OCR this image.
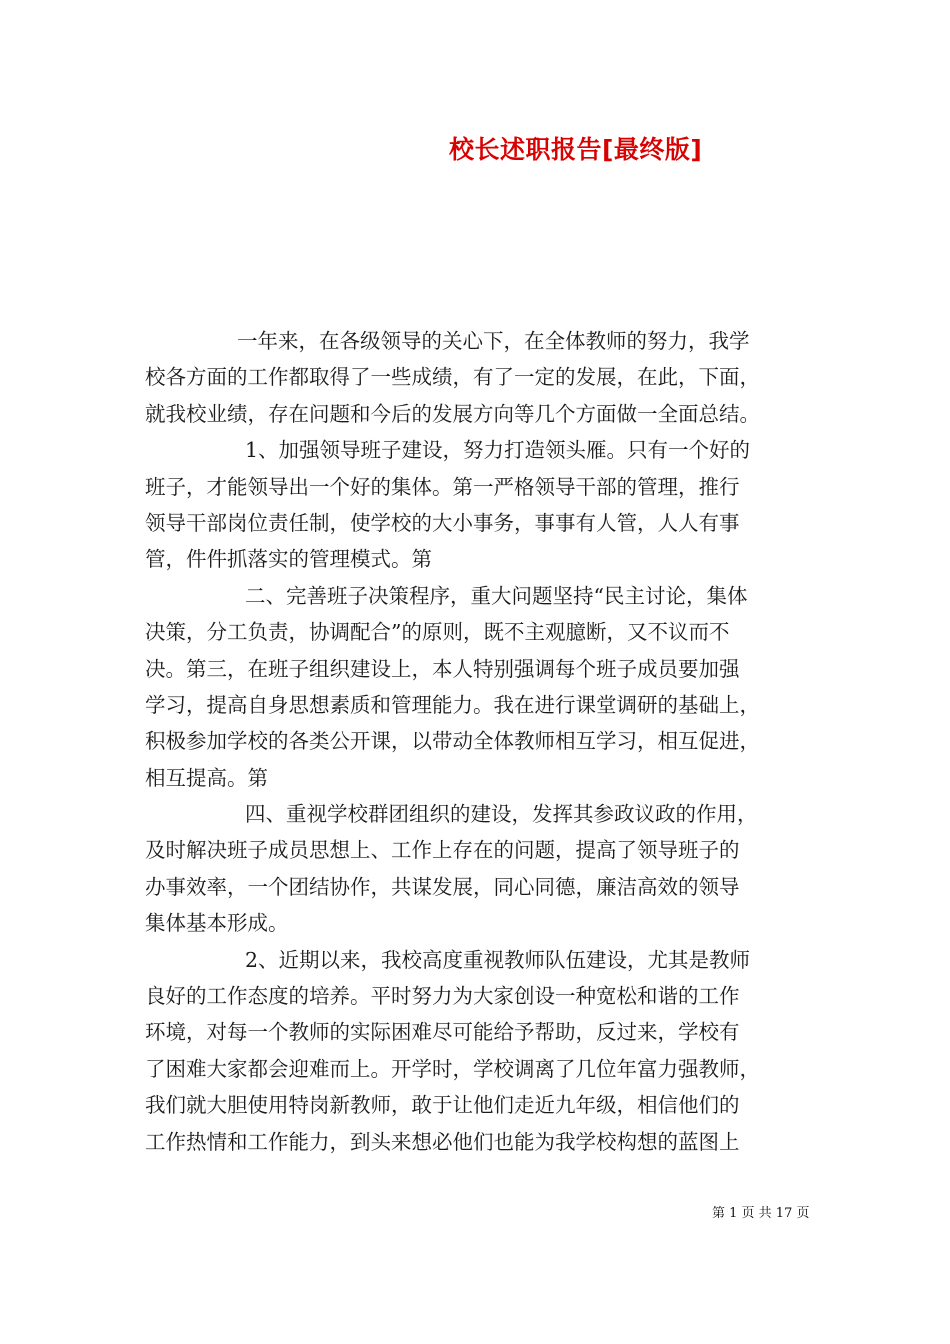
校长述职报告[最终版]
一年来，在各级领导的关心下，在全体教师的努力，我学
校各方面的工作都取得了一些成绩，有了一定的发展，在此，下面，
就我校业绩，存在问题和今后的发展方向等几个方面做一全面总结。
1、加强领导班子建设，努力打造领头雁。只有一个好的
班子，才能领导出一个好的集体。第一严格领导干部的管理，推行
领导干部岗位责任制，使学校的大小事务，事事有人管，人人有事
管，件件抓落实的管理模式。第
二、完善班子决策程序，重大问题坚持“民主讨论，集体
决策，分工负责，协调配合”的原则，既不主观臆断，又不议而不
决。第三，在班子组织建设上，本人特别强调每个班子成员要加强
学习，提高自身思想素质和管理能力。我在进行课堂调研的基础上，
积极参加学校的各类公开课，以带动全体教师相互学习，相互促进，
相互提高。第
四、重视学校群团组织的建设，发挥其参政议政的作用，
及时解决班子成员思想上、工作上存在的问题，提高了领导班子的
办事效率，一个团结协作，共谋发展，同心同德，廉洁高效的领导
集体基本形成。
2、近期以来，我校高度重视教师队伍建设，尤其是教师
良好的工作态度的培养。平时努力为大家创设一种宽松和谐的工作
环境，对每一个教师的实际困难尽可能给予帮助，反过来，学校有
了困难大家都会迎难而上。开学时，学校调离了几位年富力强教师，
我们就大胆使用特岗新教师，敢于让他们走近九年级，相信他们的
工作热情和工作能力，到头来想必他们也能为我学校构想的蓝图上
第 1 页 共 17 页
